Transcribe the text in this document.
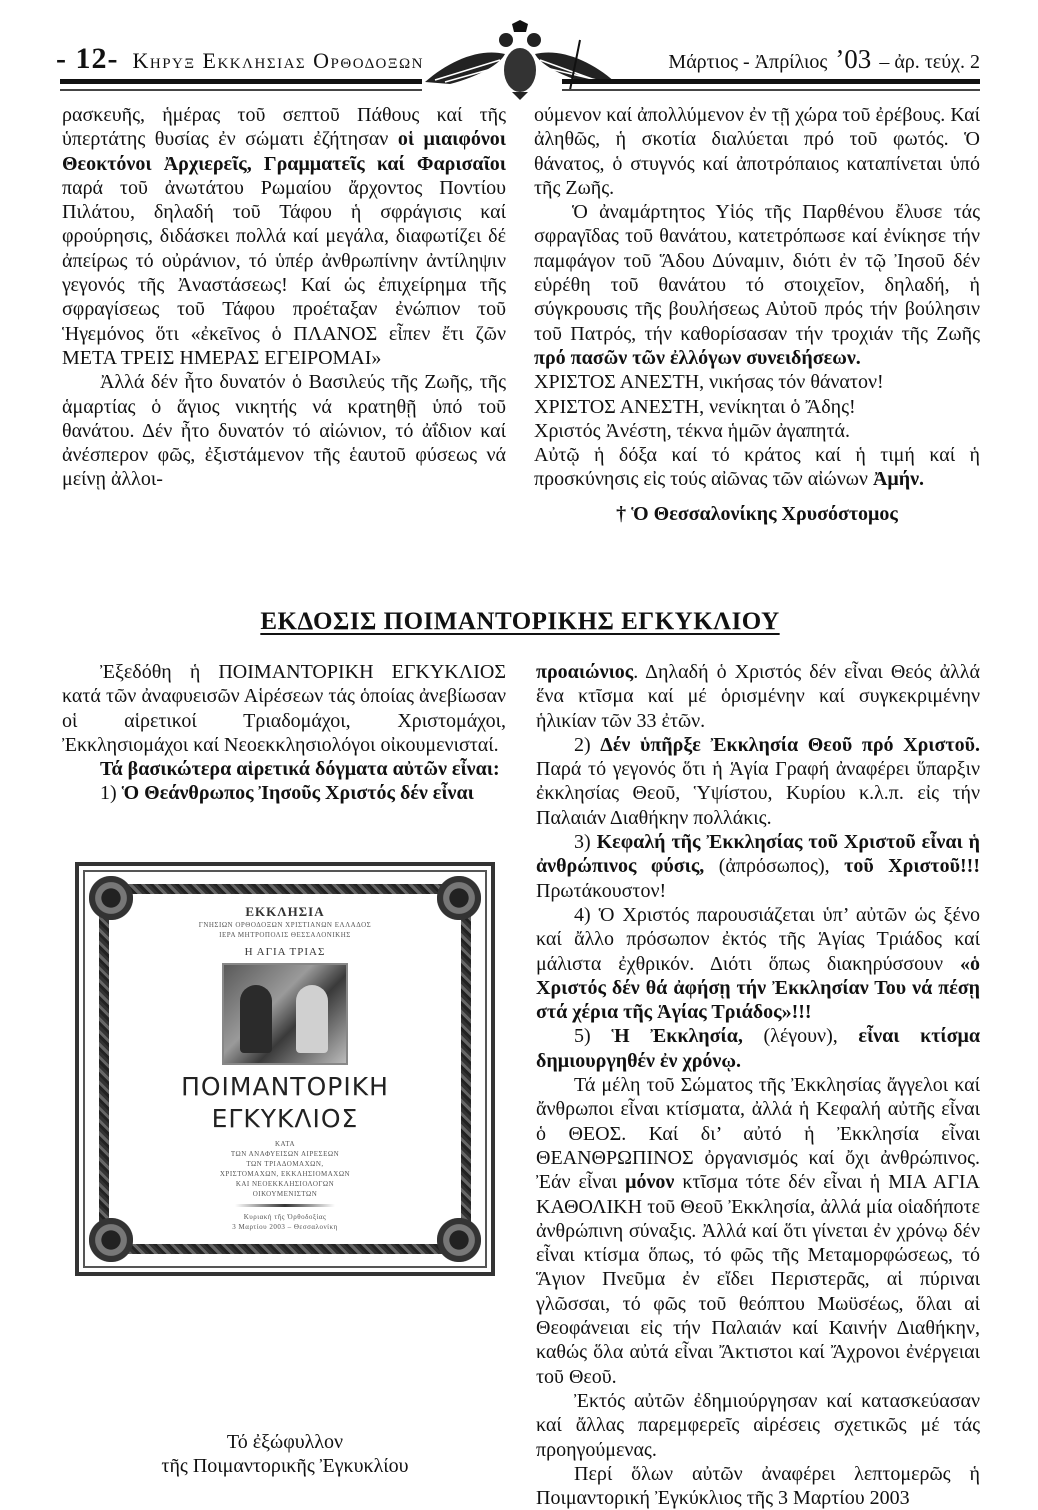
- 12- Κηρυξ Εκκλησιας Ορθοδοξων	Μάρτιος - Ἀπρίλιος ’03 – ἀρ. τεύχ. 2

ρασκευῆς, ἡμέρας τοῦ σεπτοῦ Πάθους καί τῆς ὑπερτάτης θυσίας ἐν σώματι ἐζήτησαν οἱ μιαιφόνοι Θεοκτόνοι Ἀρχιερεῖς, Γραμματεῖς καί Φαρισαῖοι παρά τοῦ ἀνωτάτου Ρωμαίου ἄρχοντος Ποντίου Πιλάτου, δηλαδή τοῦ Τάφου ἡ σφράγισις καί φρούρησις, διδάσκει πολλά καί μεγάλα, διαφωτίζει δέ ἀπείρως τό οὐράνιον, τό ὑπέρ ἀνθρωπίνην ἀντίληψιν γεγονός τῆς Ἀναστάσεως! Καί ὡς ἐπιχείρημα τῆς σφραγίσεως τοῦ Τάφου προέταξαν ἐνώπιον τοῦ Ἡγεμόνος ὅτι «ἐκεῖνος ὁ ΠΛΑΝΟΣ εἶπεν ἔτι ζῶν ΜΕΤΑ ΤΡΕΙΣ ΗΜΕΡΑΣ ΕΓΕΙΡΟΜΑΙ»

Ἀλλά δέν ἦτο δυνατόν ὁ Βασιλεύς τῆς Ζωῆς, τῆς ἁμαρτίας ὁ ἅγιος νικητής νά κρατηθῇ ὑπό τοῦ θανάτου. Δέν ἦτο δυνατόν τό αἰώνιον, τό ἀΐδιον καί ἀνέσπερον φῶς, ἐξιστάμενον τῆς ἑαυτοῦ φύσεως νά μείνῃ ἀλλοι-

ούμενον καί ἀπολλύμενον ἐν τῇ χώρα τοῦ ἐρέβους. Καί ἀληθῶς, ἡ σκοτία διαλύεται πρό τοῦ φωτός. Ὁ θάνατος, ὁ στυγνός καί ἀποτρόπαιος καταπίνεται ὑπό τῆς Ζωῆς.

Ὁ ἀναμάρτητος Υἱός τῆς Παρθένου ἔλυσε τάς σφραγῖδας τοῦ θανάτου, κατετρόπωσε καί ἐνίκησε τήν παμφάγον τοῦ Ἅδου Δύναμιν, διότι ἐν τῷ Ἰησοῦ δέν εὑρέθη τοῦ θανάτου τό στοιχεῖον, δηλαδή, ἡ σύγκρουσις τῆς βουλήσεως Αὐτοῦ πρός τήν βούλησιν τοῦ Πατρός, τήν καθορίσασαν τήν τροχιάν τῆς Ζωῆς πρό πασῶν τῶν ἐλλόγων συνειδήσεων.

ΧΡΙΣΤΟΣ ΑΝΕΣΤΗ, νικήσας τόν θάνατον!

ΧΡΙΣΤΟΣ ΑΝΕΣΤΗ, νενίκηται ὁ Ἄδης!

Χριστός Ἀνέστη, τέκνα ἡμῶν ἀγαπητά.

Αὐτῷ ἡ δόξα καί τό κράτος καί ἡ τιμή καί ἡ προσκύνησις εἰς τούς αἰῶνας τῶν αἰώνων Ἀμήν.

† Ὁ Θεσσαλονίκης Χρυσόστομος

ΕΚΔΟΣΙΣ ΠΟΙΜΑΝΤΟΡΙΚΗΣ ΕΓΚΥΚΛΙΟΥ

Ἐξεδόθη ἡ ΠΟΙΜΑΝΤΟΡΙΚΗ ΕΓΚΥΚΛΙΟΣ κατά τῶν ἀναφυεισῶν Αἱρέσεων τάς ὁποίας ἀνεβίωσαν οἱ αἱρετικοί Τριαδομάχοι, Χριστομάχοι, Ἐκκλησιομάχοι καί Νεοεκκλησιολόγοι οἰκουμενισταί.

Τά βασικώτερα αἱρετικά δόγματα αὐτῶν εἶναι:

1) Ὁ Θεάνθρωπος Ἰησοῦς Χριστός δέν εἶναι

ΕΚΚΛΗΣΙΑ
ΓΝΗΣΙΩΝ ΟΡΘΟΔΟΞΩΝ ΧΡΙΣΤΙΑΝΩΝ ΕΛΛΑΔΟΣ
ΙΕΡΑ ΜΗΤΡΟΠΟΛΙΣ ΘΕΣΣΑΛΟΝΙΚΗΣ
Η ΑΓΙΑ ΤΡΙΑΣ
ΠΟΙΜΑΝΤΟΡΙΚΗ
ΕΓΚΥΚΛΙΟΣ
ΚΑΤΑ
ΤΩΝ ΑΝΑΦΥΕΙΣΩΝ ΑΙΡΕΣΕΩΝ
ΤΩΝ ΤΡΙΑΔΟΜΑΧΩΝ,
ΧΡΙΣΤΟΜΑΧΩΝ, ΕΚΚΛΗΣΙΟΜΑΧΩΝ
ΚΑΙ ΝΕΟΕΚΚΛΗΣΙΟΛΟΓΩΝ
ΟΙΚΟΥΜΕΝΙΣΤΩΝ
Κυριακή τῆς Ὀρθοδοξίας
3 Μαρτίου 2003 – Θεσσαλονίκη
Τό ἐξώφυλλον
τῆς Ποιμαντορικῆς Ἐγκυκλίου

προαιώνιος. Δηλαδή ὁ Χριστός δέν εἶναι Θεός ἀλλά ἕνα κτῖσμα καί μέ ὁρισμένην καί συγκεκριμένην ἡλικίαν τῶν 33 ἐτῶν.

2) Δέν ὑπῆρξε Ἐκκλησία Θεοῦ πρό Χριστοῦ. Παρά τό γεγονός ὅτι ἡ Ἁγία Γραφή ἀναφέρει ὕπαρξιν ἐκκλησίας Θεοῦ, Ὑψίστου, Κυρίου κ.λ.π. εἰς τήν Παλαιάν Διαθήκην πολλάκις.

3) Κεφαλή τῆς Ἐκκλησίας τοῦ Χριστοῦ εἶναι ἡ ἀνθρώπινος φύσις, (ἀπρόσωπος), τοῦ Χριστοῦ!!! Πρωτάκουστον!

4) Ὁ Χριστός παρουσιάζεται ὑπ’ αὐτῶν ὡς ξένο καί ἄλλο πρόσωπον ἐκτός τῆς Ἁγίας Τριάδος καί μάλιστα ἐχθρικόν. Διότι ὅπως διακηρύσσουν «ὁ Χριστός δέν θά ἀφήσῃ τήν Ἐκκλησίαν Του νά πέσῃ στά χέρια τῆς Ἁγίας Τριάδος»!!!

5) Ἡ Ἐκκλησία, (λέγουν), εἶναι κτίσμα δημιουργηθέν ἐν χρόνῳ.

Τά μέλη τοῦ Σώματος τῆς Ἐκκλησίας ἄγγελοι καί ἄνθρωποι εἶναι κτίσματα, ἀλλά ἡ Κεφαλή αὐτῆς εἶναι ὁ ΘΕΟΣ. Καί δι’ αὐτό ἡ Ἐκκλησία εἶναι ΘΕΑΝΘΡΩΠΙΝΟΣ ὀργανισμός καί ὄχι ἀνθρώπινος. Ἐάν εἶναι μόνον κτῖσμα τότε δέν εἶναι ἡ ΜΙΑ ΑΓΙΑ ΚΑΘΟΛΙΚΗ τοῦ Θεοῦ Ἐκκλησία, ἀλλά μία οἱαδήποτε ἀνθρώπινη σύναξις. Ἀλλά καί ὅτι γίνεται ἐν χρόνῳ δέν εἶναι κτίσμα ὅπως, τό φῶς τῆς Μεταμορφώσεως, τό Ἅγιον Πνεῦμα ἐν εἴδει Περιστερᾶς, αἱ πύριναι γλῶσσαι, τό φῶς τοῦ θεόπτου Μωϋσέως, ὅλαι αἱ Θεοφάνειαι εἰς τήν Παλαιάν καί Καινήν Διαθήκην, καθώς ὅλα αὐτά εἶναι Ἄκτιστοι καί Ἄχρονοι ἐνέργειαι τοῦ Θεοῦ.

Ἐκτός αὐτῶν ἐδημιούργησαν καί κατασκεύασαν καί ἄλλας παρεμφερεῖς αἱρέσεις σχετικῶς μέ τάς προηγούμενας.

Περί ὅλων αὐτῶν ἀναφέρει λεπτομερῶς ἡ Ποιμαντορική Ἐγκύκλιος τῆς 3 Μαρτίου 2003
